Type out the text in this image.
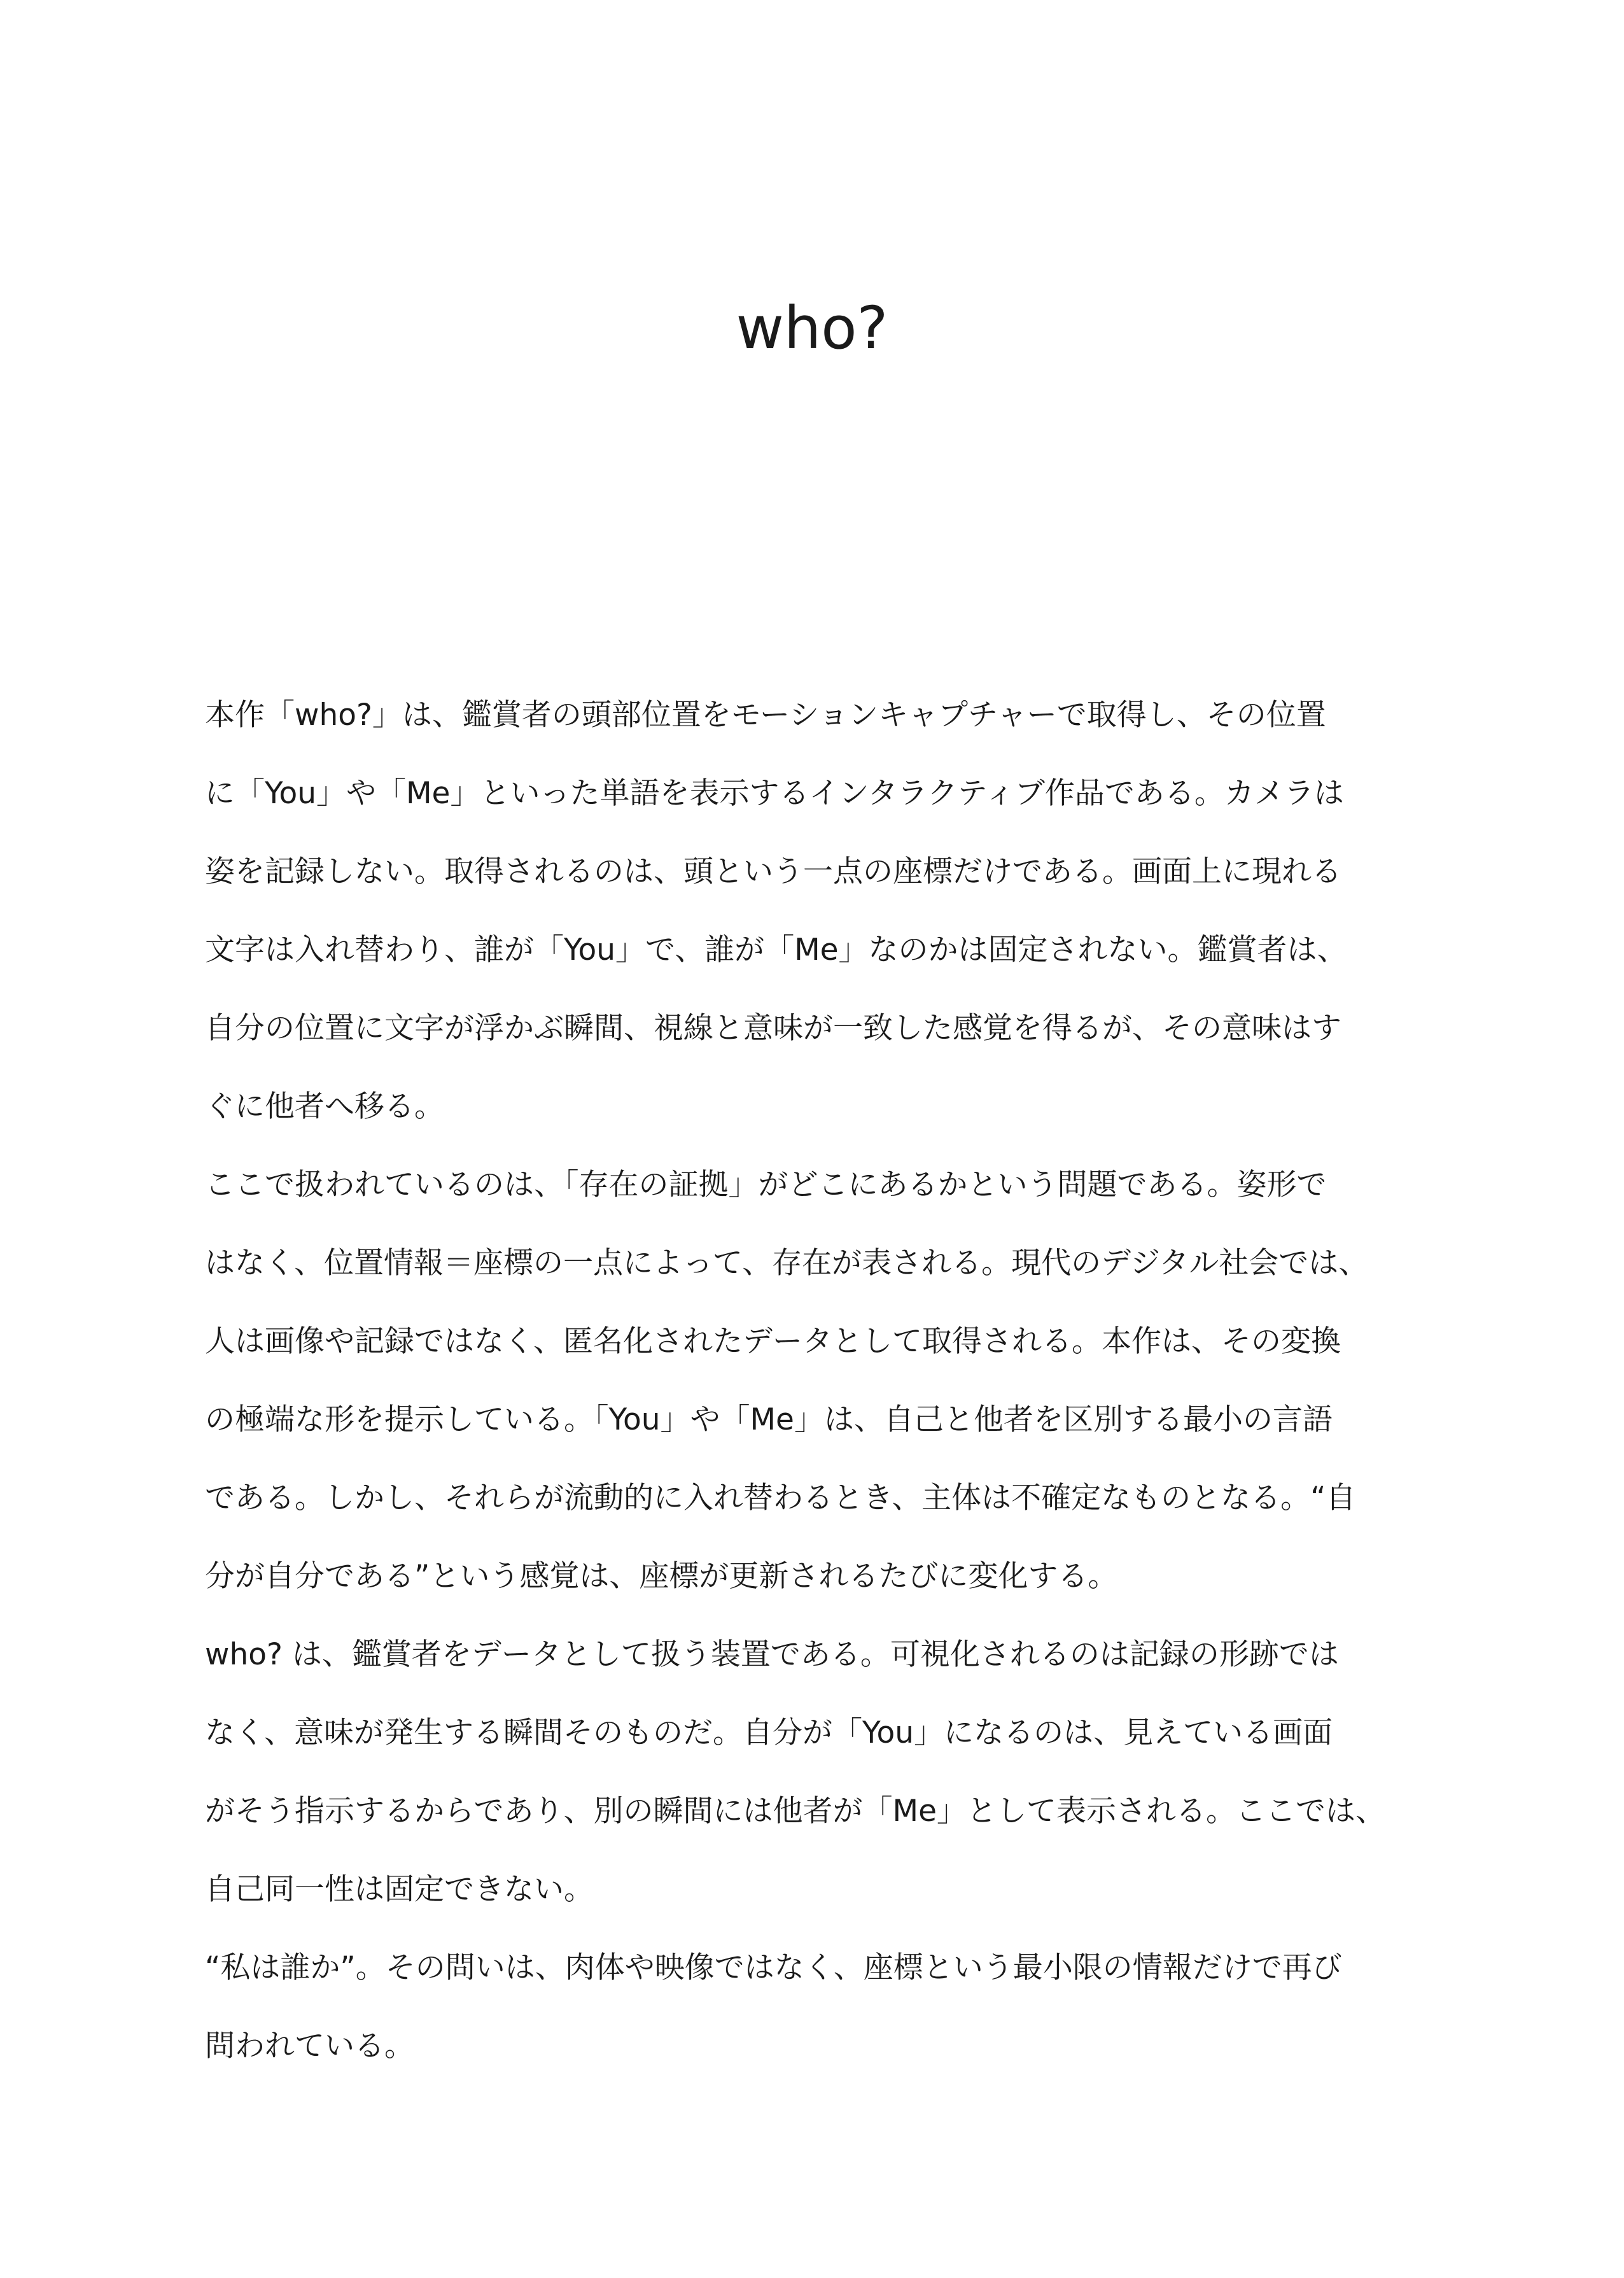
who?

本作「who?」は、鑑賞者の頭部位置をモーションキャプチャーで取得し、その位置

に「You」や「Me」といった単語を表示するインタラクティブ作品である。カメラは

姿を記録しない。取得されるのは、頭という一点の座標だけである。画面上に現れる

文字は入れ替わり、誰が「You」で、誰が「Me」なのかは固定されない。鑑賞者は、

自分の位置に文字が浮かぶ瞬間、視線と意味が一致した感覚を得るが、その意味はす

ぐに他者へ移る。

ここで扱われているのは、「存在の証拠」がどこにあるかという問題である。姿形で

はなく、位置情報＝座標の一点によって、存在が表される。現代のデジタル社会では、

人は画像や記録ではなく、匿名化されたデータとして取得される。本作は、その変換

の極端な形を提示している。「You」や「Me」は、自己と他者を区別する最小の言語

である。しかし、それらが流動的に入れ替わるとき、主体は不確定なものとなる。“自

分が自分である”という感覚は、座標が更新されるたびに変化する。

who? は、鑑賞者をデータとして扱う装置である。可視化されるのは記録の形跡では

なく、意味が発生する瞬間そのものだ。自分が「You」になるのは、見えている画面

がそう指示するからであり、別の瞬間には他者が「Me」として表示される。ここでは、

自己同一性は固定できない。

“私は誰か”。その問いは、肉体や映像ではなく、座標という最小限の情報だけで再び

問われている。
